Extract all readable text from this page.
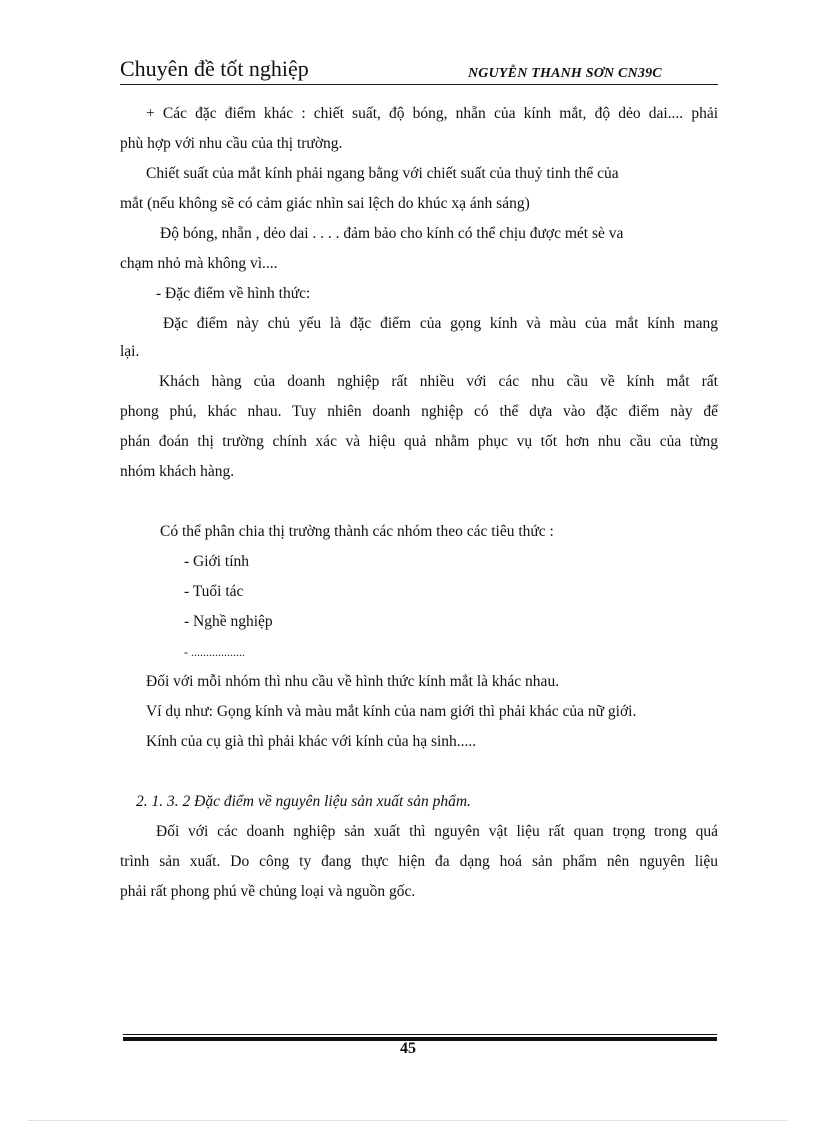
Chuyên đề tốt nghiệp	NGUYỄN THANH SƠN CN39C
+ Các đặc điểm khác : chiết suất, độ bóng, nhẵn của kính mắt, độ dẻo dai.... phải
phù hợp với nhu cầu của thị trường.
Chiết suất của mắt kính phải ngang bằng với chiết suất của thuỷ tinh thể của
mắt (nếu không sẽ có cảm giác nhìn sai lệch do khúc xạ ánh sáng)
Độ bóng, nhẵn , dẻo dai . . . . đảm bảo cho kính có thể chịu được mét sè va
chạm nhỏ mà không vì....
- Đặc điểm về hình thức:
Đặc điểm này chủ yếu là đặc điểm của gọng kính và màu của mắt kính mang
lại.
Khách hàng của doanh nghiệp rất nhiều với các nhu cầu về kính mắt rất
phong phú, khác nhau. Tuy nhiên doanh nghiệp có thể dựa vào đặc điểm này để
phán đoán thị trường chính xác và hiệu quả nhằm phục vụ tốt hơn nhu cầu của từng
nhóm khách hàng.
Có thể phân chia thị trường thành các nhóm theo các tiêu thức :
- Giới tính
- Tuổi tác
- Nghề nghiệp
- ..................
Đối với mỗi nhóm thì nhu cầu về hình thức kính mắt là khác nhau.
Ví dụ như: Gọng kính và màu mắt kính của nam giới thì phải khác của nữ giới.
Kính của cụ già thì phải khác với kính của hạ sinh.....
2. 1. 3. 2 Đặc điểm về nguyên liệu sản xuất sản phẩm.
Đối với các doanh nghiệp sản xuất thì nguyên vật liệu rất quan trọng trong quá
trình sản xuất. Do công ty đang thực hiện đa dạng hoá sản phẩm nên nguyên liệu
phải rất phong phú về chủng loại và nguồn gốc.
45
